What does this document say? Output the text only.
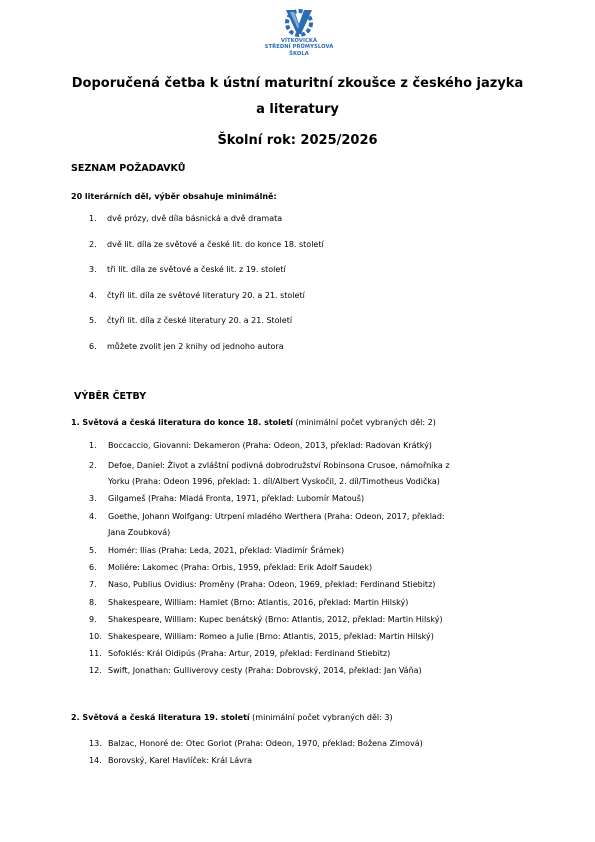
VÍTKOVICKÁ
STŘEDNÍ PRŮMYSLOVÁ
ŠKOLA
Doporučená četba k ústní maturitní zkoušce z českého jazyka
a literatury
Školní rok: 2025/2026
SEZNAM POŽADAVKŮ
20 literárních děl, výběr obsahuje minimálně:
1. dvě prózy, dvě díla básnická a dvě dramata
2. dvě lit. díla ze světové a české lit. do konce 18. století
3. tři lit. díla ze světové a české lit. z 19. století
4. čtyři lit. díla ze světové literatury 20. a 21. století
5. čtyři lit. díla z české literatury 20. a 21. Století
6. můžete zvolit jen 2 knihy od jednoho autora
VÝBĚR ČETBY
1. Světová a česká literatura do konce 18. století (minimální počet vybraných děl: 2)
1. Boccaccio, Giovanni: Dekameron (Praha: Odeon, 2013, překlad: Radovan Krátký)
2. Defoe, Daniel: Život a zvláštní podivná dobrodružství Robinsona Crusoe, námořníka z
Yorku (Praha: Odeon 1996, překlad: 1. díl/Albert Vyskočil, 2. díl/Timotheus Vodička)
3. Gilgameš (Praha: Mladá Fronta, 1971, překlad: Lubomír Matouš)
4. Goethe, Johann Wolfgang: Utrpení mladého Werthera (Praha: Odeon, 2017, překlad:
Jana Zoubková)
5. Homér: Ilias (Praha: Leda, 2021, překlad: Vladimír Šrámek)
6. Moliére: Lakomec (Praha: Orbis, 1959, překlad: Erik Adolf Saudek)
7. Naso, Publius Ovidius: Proměny (Praha: Odeon, 1969, překlad: Ferdinand Stiebitz)
8. Shakespeare, William: Hamlet (Brno: Atlantis, 2016, překlad: Martin Hilský)
9. Shakespeare, William: Kupec benátský (Brno: Atlantis, 2012, překlad: Martin Hilský)
10. Shakespeare, William: Romeo a Julie (Brno: Atlantis, 2015, překlad: Martin Hilský)
11. Sofoklés: Král Oidipús (Praha: Artur, 2019, překlad: Ferdinand Stiebitz)
12. Swift, Jonathan: Gulliverovy cesty (Praha: Dobrovský, 2014, překlad: Jan Váňa)
2. Světová a česká literatura 19. století (minimální počet vybraných děl: 3)
13. Balzac, Honoré de: Otec Goriot (Praha: Odeon, 1970, překlad: Božena Zimová)
14. Borovský, Karel Havlíček: Král Lávra
